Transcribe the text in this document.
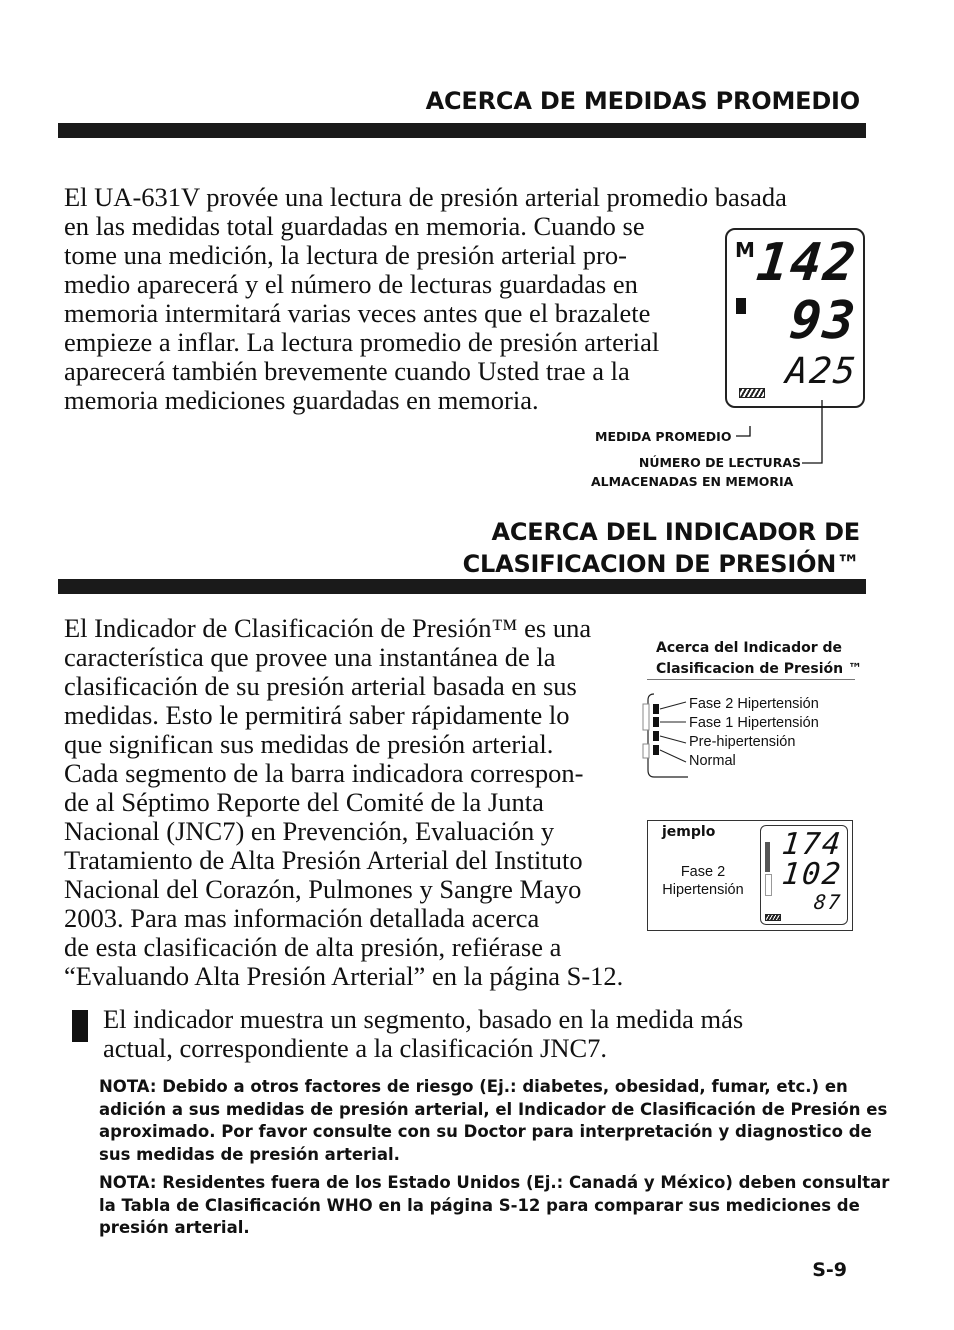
ACERCA DE MEDIDAS PROMEDIO
El UA-631V provée una lectura de presión arterial promedio basada
en las medidas total guardadas en memoria. Cuando se
tome una medición, la lectura de presión arterial pro-
medio aparecerá y el número de lecturas guardadas en
memoria intermitará varias veces antes que el brazalete
empieze a inflar. La lectura promedio de presión arterial
aparecerá también brevemente cuando Usted trae a la
memoria mediciones guardadas en memoria.
M 142
93
A25
MEDIDA PROMEDIO
NÚMERO DE LECTURAS
ALMACENADAS EN MEMORIA
ACERCA DEL INDICADOR DE
CLASIFICACION DE PRESIÓN™
El Indicador de Clasificación de Presión™ es una
característica que provee una instantánea de la
clasificación de su presión arterial basada en sus
medidas. Esto le permitirá saber rápidamente lo
que significan sus medidas de presión arterial.
Cada segmento de la barra indicadora correspon-
de al Séptimo Reporte del Comité de la Junta
Nacional (JNC7) en Prevención, Evaluación y
Tratamiento de Alta Presión Arterial del Instituto
Nacional del Corazón, Pulmones y Sangre Mayo
2003. Para mas información detallada acerca
de esta clasificación de alta presión, refiérase a
“Evaluando Alta Presión Arterial” en la página S-12.
Acerca del Indicador de
Clasificacion de Presión ™
Fase 2 Hipertensión
Fase 1 Hipertensión
Pre-hipertensión
Normal
jemplo
Fase 2
Hipertensión
174
102
87
El indicador muestra un segmento, basado en la medida más
actual, correspondiente a la clasificación JNC7.
NOTA: Debido a otros factores de riesgo (Ej.: diabetes, obesidad, fumar, etc.) en
adición a sus medidas de presión arterial, el Indicador de Clasificación de Presión es
aproximado. Por favor consulte con su Doctor para interpretación y diagnostico de
sus medidas de presión arterial.
NOTA: Residentes fuera de los Estado Unidos (Ej.: Canadá y México) deben consultar
la Tabla de Clasificación WHO en la página S-12 para comparar sus mediciones de
presión arterial.
S-9
